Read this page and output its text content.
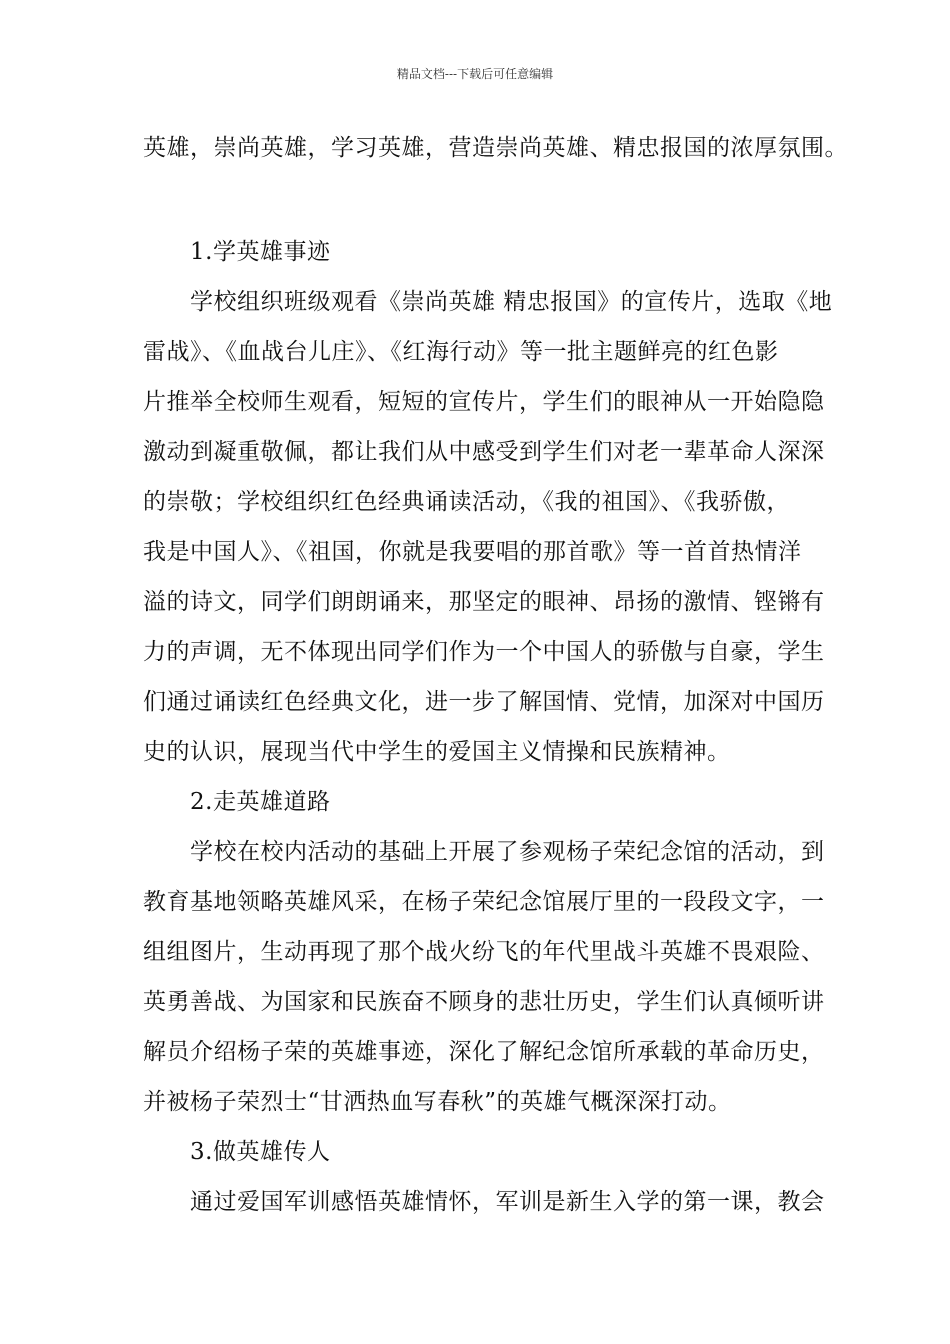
精品文档---下载后可任意编辑
英雄，崇尚英雄，学习英雄，营造崇尚英雄、精忠报国的浓厚氛围。
1.学英雄事迹
学校组织班级观看《崇尚英雄 精忠报国》的宣传片，选取《地
雷战》、《血战台儿庄》、《红海行动》等一批主题鲜亮的红色影
片推举全校师生观看，短短的宣传片，学生们的眼神从一开始隐隐
激动到凝重敬佩，都让我们从中感受到学生们对老一辈革命人深深
的崇敬；学校组织红色经典诵读活动，《我的祖国》、《我骄傲，
我是中国人》、《祖国，你就是我要唱的那首歌》等一首首热情洋
溢的诗文，同学们朗朗诵来，那坚定的眼神、昂扬的激情、铿锵有
力的声调，无不体现出同学们作为一个中国人的骄傲与自豪，学生
们通过诵读红色经典文化，进一步了解国情、党情，加深对中国历
史的认识，展现当代中学生的爱国主义情操和民族精神。
2.走英雄道路
学校在校内活动的基础上开展了参观杨子荣纪念馆的活动，到
教育基地领略英雄风采，在杨子荣纪念馆展厅里的一段段文字，一
组组图片，生动再现了那个战火纷飞的年代里战斗英雄不畏艰险、
英勇善战、为国家和民族奋不顾身的悲壮历史，学生们认真倾听讲
解员介绍杨子荣的英雄事迹，深化了解纪念馆所承载的革命历史，
并被杨子荣烈士“甘洒热血写春秋”的英雄气概深深打动。
3.做英雄传人
通过爱国军训感悟英雄情怀，军训是新生入学的第一课，教会
